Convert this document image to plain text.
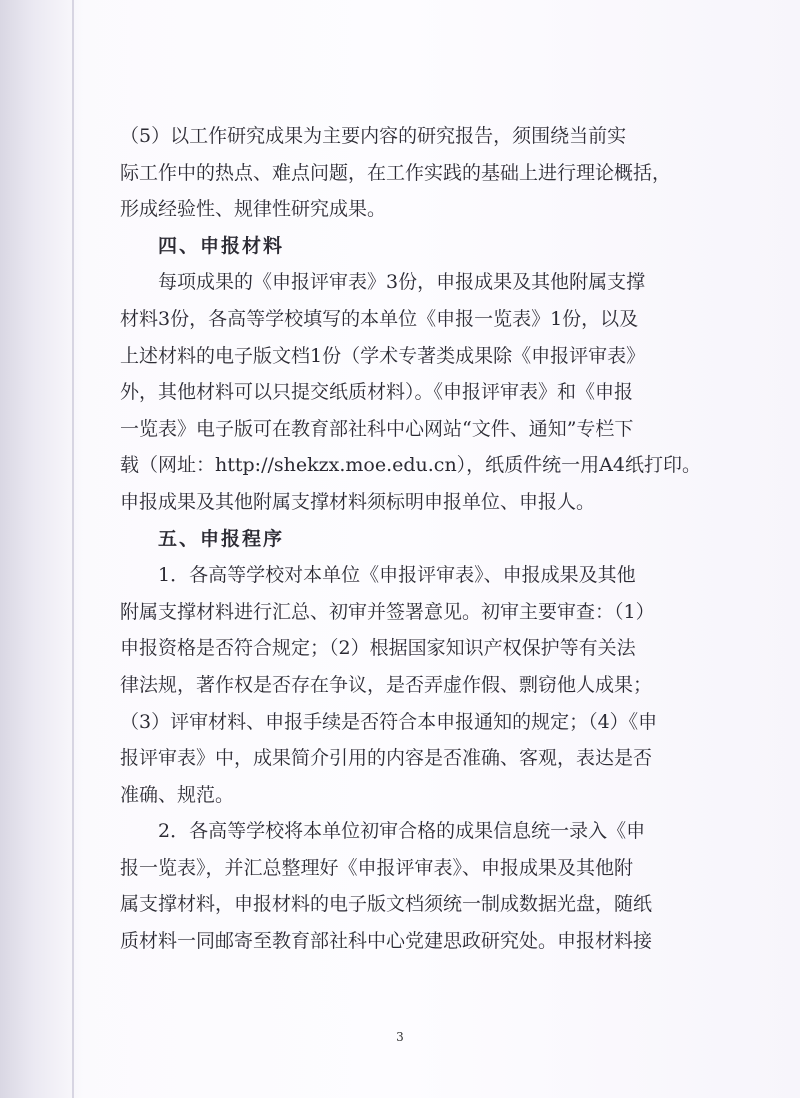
（5）以工作研究成果为主要内容的研究报告，须围绕当前实
际工作中的热点、难点问题，在工作实践的基础上进行理论概括，
形成经验性、规律性研究成果。
四、申报材料
每项成果的《申报评审表》3份，申报成果及其他附属支撑
材料3份，各高等学校填写的本单位《申报一览表》1份，以及
上述材料的电子版文档1份（学术专著类成果除《申报评审表》
外，其他材料可以只提交纸质材料）。《申报评审表》和《申报
一览表》电子版可在教育部社科中心网站“文件、通知”专栏下
载（网址：http://shekzx.moe.edu.cn），纸质件统一用A4纸打印。
申报成果及其他附属支撑材料须标明申报单位、申报人。
五、申报程序
1．各高等学校对本单位《申报评审表》、申报成果及其他
附属支撑材料进行汇总、初审并签署意见。初审主要审查：（1）
申报资格是否符合规定；（2）根据国家知识产权保护等有关法
律法规，著作权是否存在争议，是否弄虚作假、剽窃他人成果；
（3）评审材料、申报手续是否符合本申报通知的规定；（4）《申
报评审表》中，成果简介引用的内容是否准确、客观，表达是否
准确、规范。
2．各高等学校将本单位初审合格的成果信息统一录入《申
报一览表》，并汇总整理好《申报评审表》、申报成果及其他附
属支撑材料，申报材料的电子版文档须统一制成数据光盘，随纸
质材料一同邮寄至教育部社科中心党建思政研究处。申报材料接
3
